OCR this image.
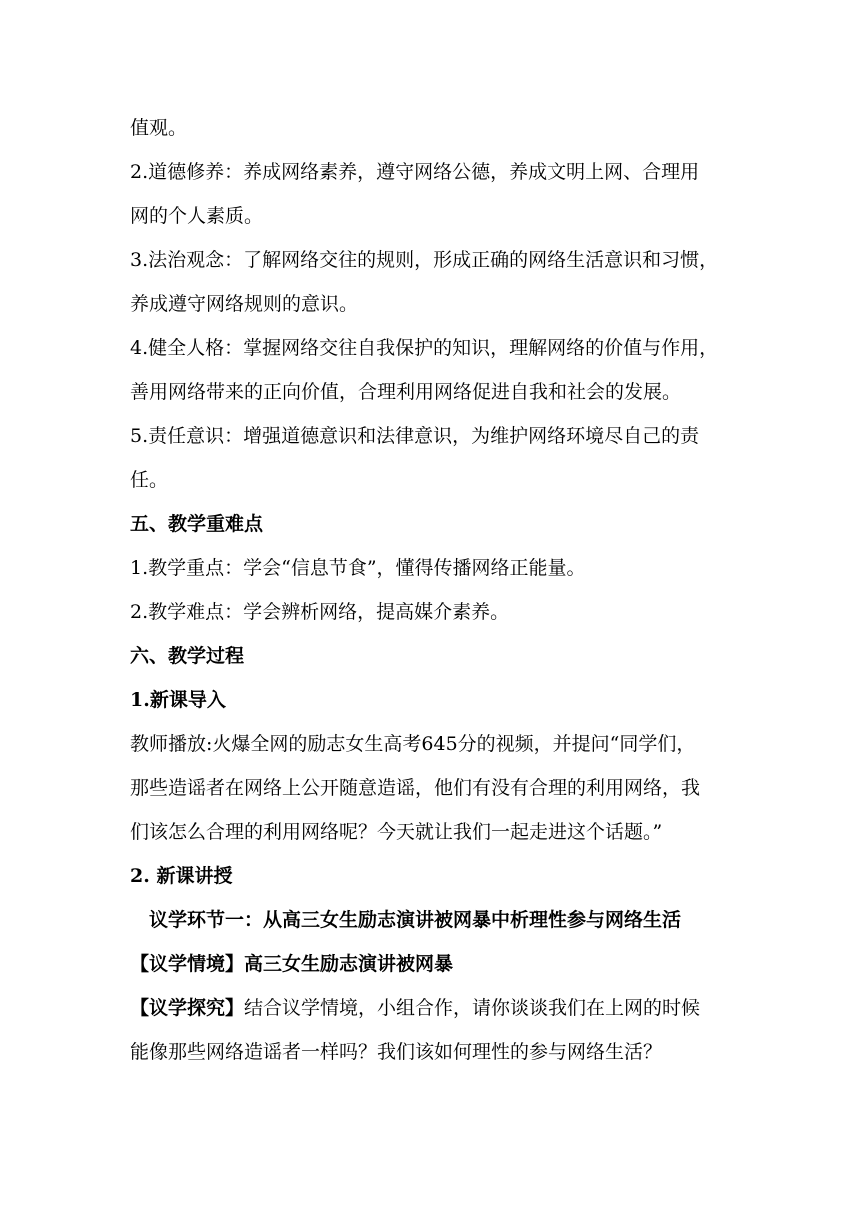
值观。
2.道德修养：养成网络素养，遵守网络公德，养成文明上网、合理用
网的个人素质。
3.法治观念：了解网络交往的规则，形成正确的网络生活意识和习惯，
养成遵守网络规则的意识。
4.健全人格：掌握网络交往自我保护的知识，理解网络的价值与作用，
善用网络带来的正向价值，合理利用网络促进自我和社会的发展。
5.责任意识：增强道德意识和法律意识，为维护网络环境尽自己的责
任。
五、教学重难点
1.教学重点：学会“信息节食”，懂得传播网络正能量。
2.教学难点：学会辨析网络，提高媒介素养。
六、教学过程
1.新课导入
教师播放:火爆全网的励志女生高考645分的视频，并提问“同学们，
那些造谣者在网络上公开随意造谣，他们有没有合理的利用网络，我
们该怎么合理的利用网络呢？今天就让我们一起走进这个话题。”
2. 新课讲授
议学环节一：从高三女生励志演讲被网暴中析理性参与网络生活
【议学情境】高三女生励志演讲被网暴
【议学探究】结合议学情境，小组合作，请你谈谈我们在上网的时候
能像那些网络造谣者一样吗？我们该如何理性的参与网络生活？
